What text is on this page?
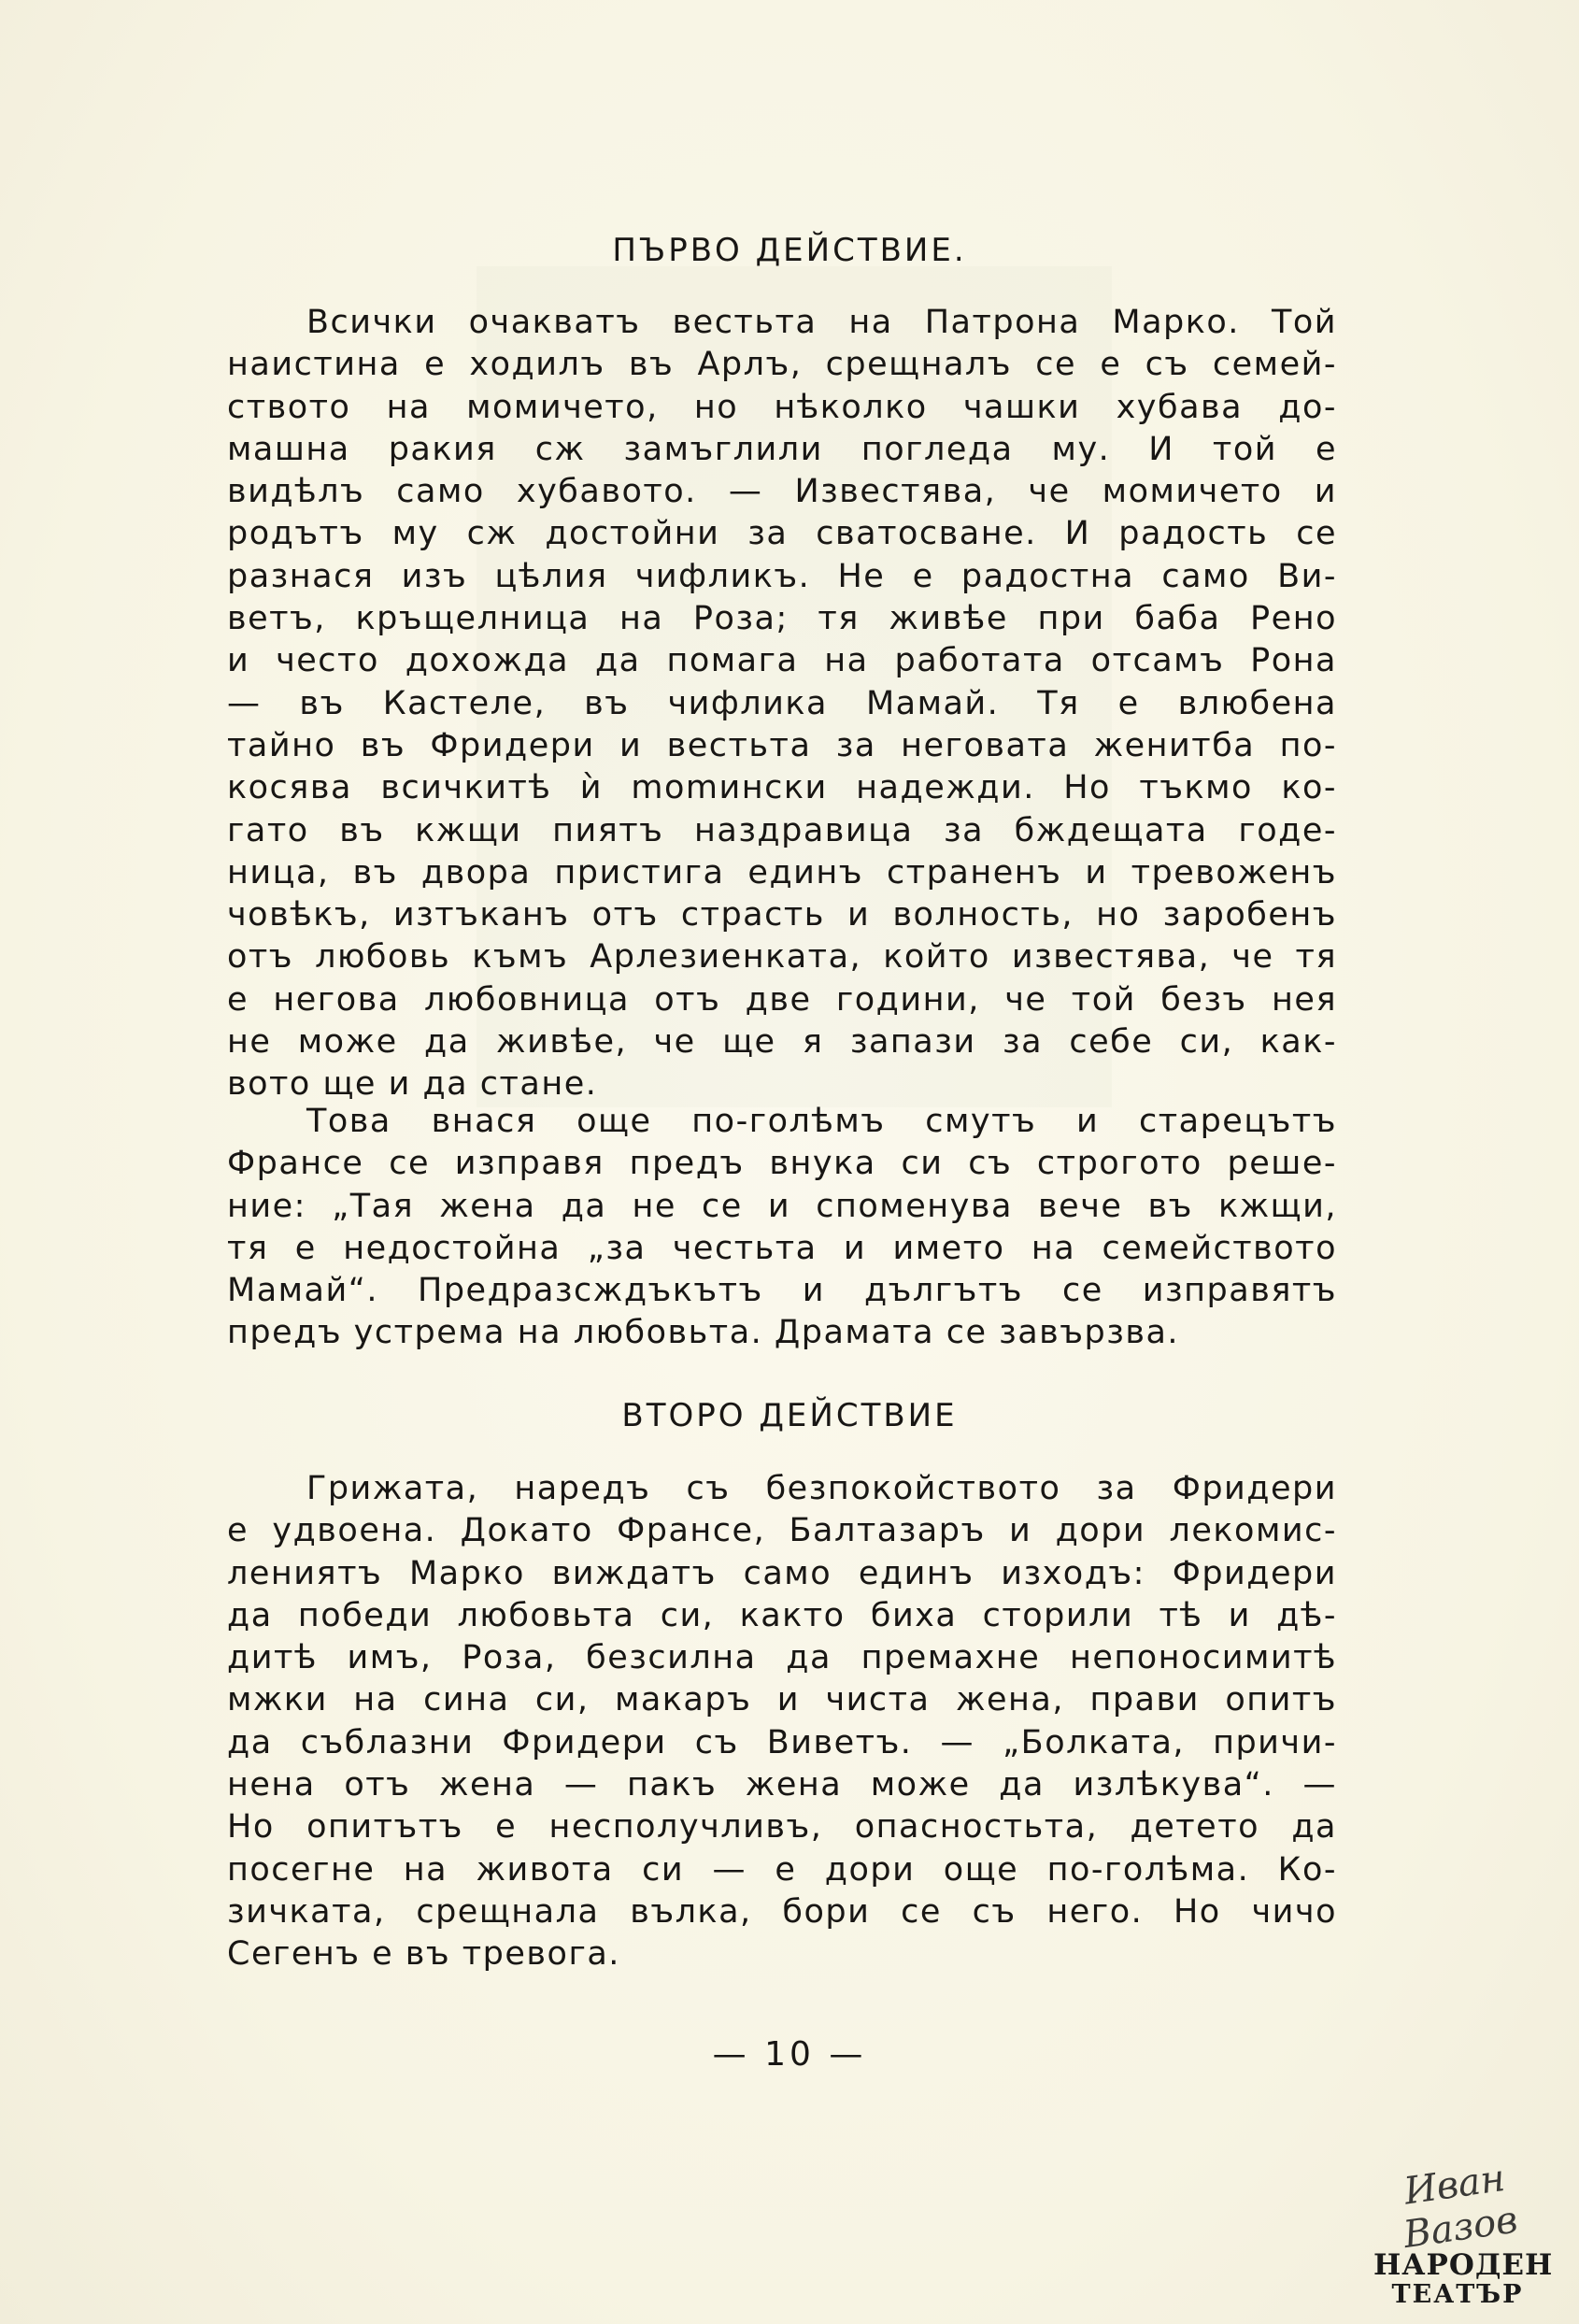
ПЪРВО ДЕЙСТВИЕ.
Всички очакватъ вестьта на Патрона Марко. Той
наистина е ходилъ въ Арлъ, срещналъ се е съ семей-
ството на момичето, но нѣколко чашки хубава до-
машна ракия сж замъглили погледа му. И той е
видѣлъ само хубавото. — Известява, че момичето и
родътъ му сж достойни за сватосване. И радость се
разнася изъ цѣлия чифликъ. Не е радостна само Ви-
ветъ, кръщелница на Роза; тя живѣе при баба Рено
и често дохожда да помага на работата отсамъ Рона
— въ Кастеле, въ чифлика Мамай. Тя е влюбена
тайно въ Фридери и вестьта за неговата женитба по-
косява всичкитѣ ѝ momински надежди. Но тъкмо ко-
гато въ кжщи пиятъ наздравица за бждещата годе-
ница, въ двора пристига единъ страненъ и тревоженъ
човѣкъ, изтъканъ отъ страсть и волность, но заробенъ
отъ любовь къмъ Арлезиенката, който известява, че тя
е негова любовница отъ две години, че той безъ нея
не може да живѣе, че ще я запази за себе си, как-
вото ще и да стане.
Това внася още по-голѣмъ смутъ и старецътъ
Франсе се изправя предъ внука си съ строгото реше-
ние: „Тая жена да не се и споменува вече въ кжщи,
тя е недостойна „за честьта и името на семейството
Мамай“. Предразсждъкътъ и дългътъ се изправятъ
предъ устрема на любовьта. Драмата се завързва.
ВТОРО ДЕЙСТВИЕ
Грижата, наредъ съ безпокойството за Фридери
е удвоена. Докато Франсе, Балтазаръ и дори лекомис-
лениятъ Марко виждатъ само единъ изходъ: Фридери
да победи любовьта си, както биха сторили тѣ и дѣ-
дитѣ имъ, Роза, безсилна да премахне непоносимитѣ
мжки на сина си, макаръ и чиста жена, прави опитъ
да съблазни Фридери съ Виветъ. — „Болката, причи-
нена отъ жена — пакъ жена може да излѣкува“. —
Но опитътъ е несполучливъ, опасностьта, детето да
посегне на живота си — е дори още по-голѣма. Ко-
зичката, срещнала вълка, бори се съ него. Но чичо
Сегенъ е въ тревога.
— 10 —
Иван Вазов
НАРОДЕН
ТЕАТЪР
